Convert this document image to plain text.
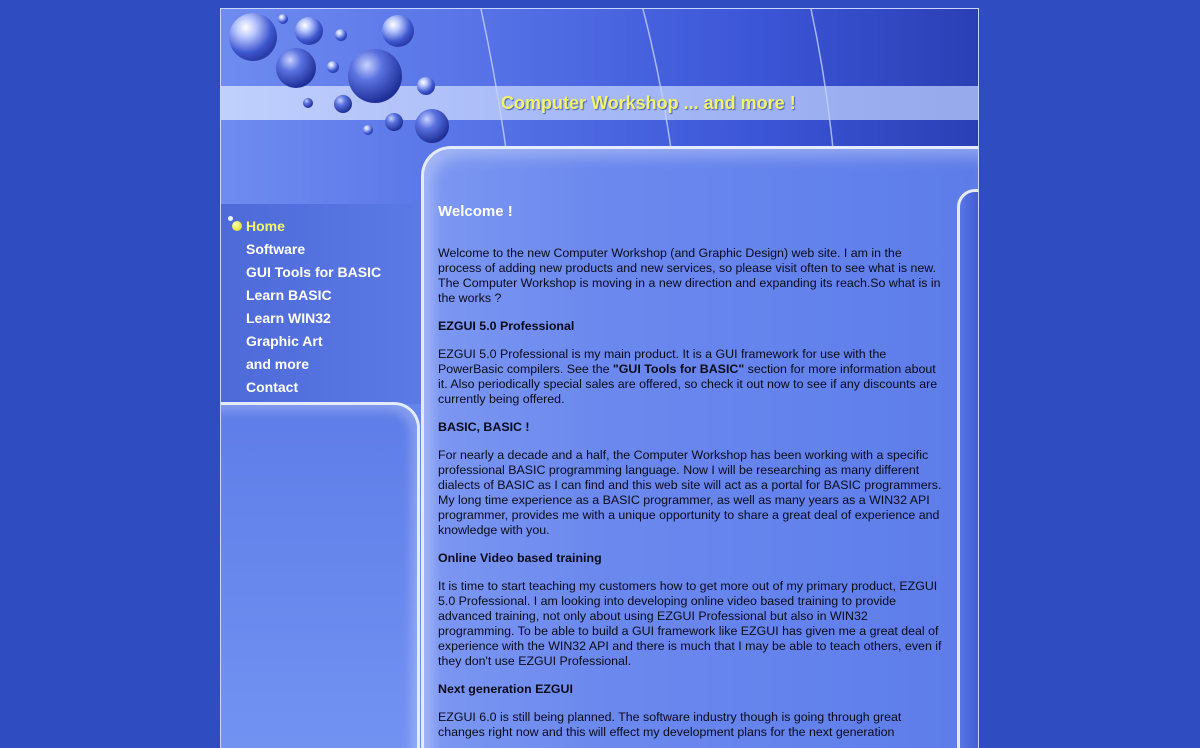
Computer Workshop ... and more !
Home
Software
GUI Tools for BASIC
Learn BASIC
Learn WIN32
Graphic Art
and more
Contact
Welcome !

Welcome to the new Computer Workshop (and Graphic Design) web site. I am in the process of adding new products and new services, so please visit often to see what is new. The Computer Workshop is moving in a new direction and expanding its reach.So what is in the works ?

EZGUI 5.0 Professional

EZGUI 5.0 Professional is my main product. It is a GUI framework for use with the PowerBasic compilers. See the "GUI Tools for BASIC" section for more information about it. Also periodically special sales are offered, so check it out now to see if any discounts are currently being offered.

BASIC, BASIC !

For nearly a decade and a half, the Computer Workshop has been working with a specific professional BASIC programming language. Now I will be researching as many different dialects of BASIC as I can find and this web site will act as a portal for BASIC programmers. My long time experience as a BASIC programmer, as well as many years as a WIN32 API programmer, provides me with a unique opportunity to share a great deal of experience and knowledge with you.

Online Video based training

It is time to start teaching my customers how to get more out of my primary product, EZGUI 5.0 Professional. I am looking into developing online video based training to provide advanced training, not only about using EZGUI Professional but also in WIN32 programming. To be able to build a GUI framework like EZGUI has given me a great deal of experience with the WIN32 API and there is much that I may be able to teach others, even if they don't use EZGUI Professional.

Next generation EZGUI

EZGUI 6.0 is still being planned. The software industry though is going through great changes right now and this will effect my development plans for the next generation
